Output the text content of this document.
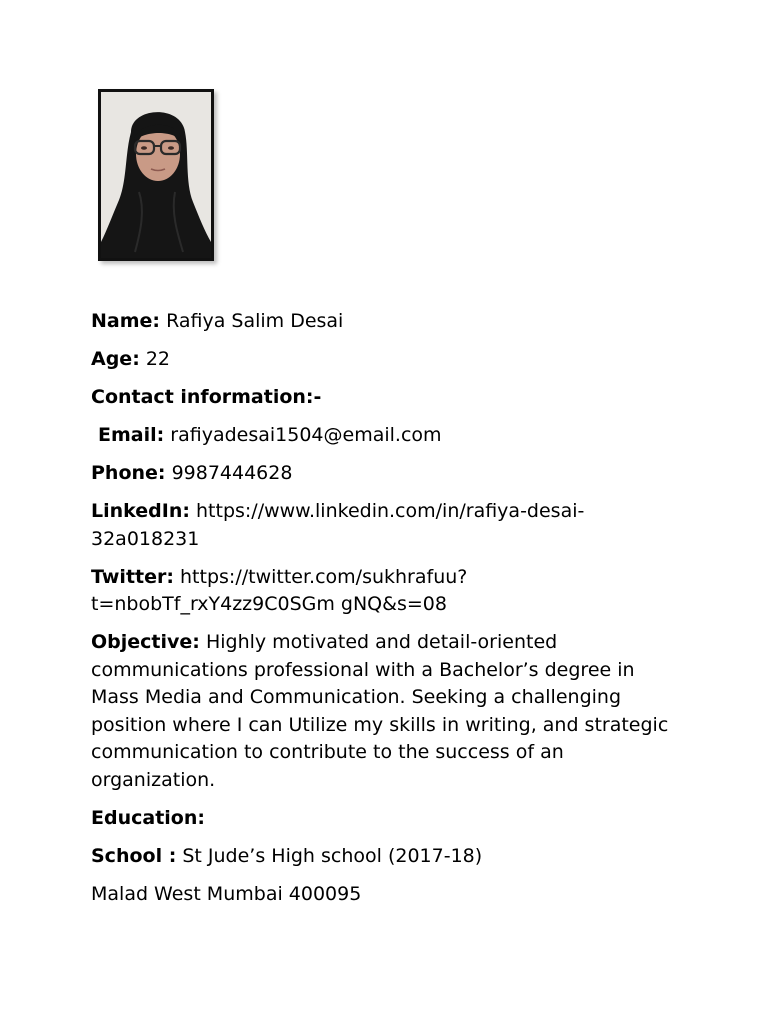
Name: Rafiya Salim Desai
Age: 22
Contact information:-
Email: rafiyadesai1504@email.com
Phone: 9987444628
LinkedIn: https://www.linkedin.com/in/rafiya-desai-32a018231
Twitter: https://twitter.com/sukhrafuu?t=nbobTf_rxY4zz9C0SGm gNQ&s=08
Objective: Highly motivated and detail-oriented communications professional with a Bachelor’s degree in Mass Media and Communication. Seeking a challenging position where I can Utilize my skills in writing, and strategic communication to contribute to the success of an organization.
Education:
School : St Jude’s High school (2017-18)
Malad West Mumbai 400095
